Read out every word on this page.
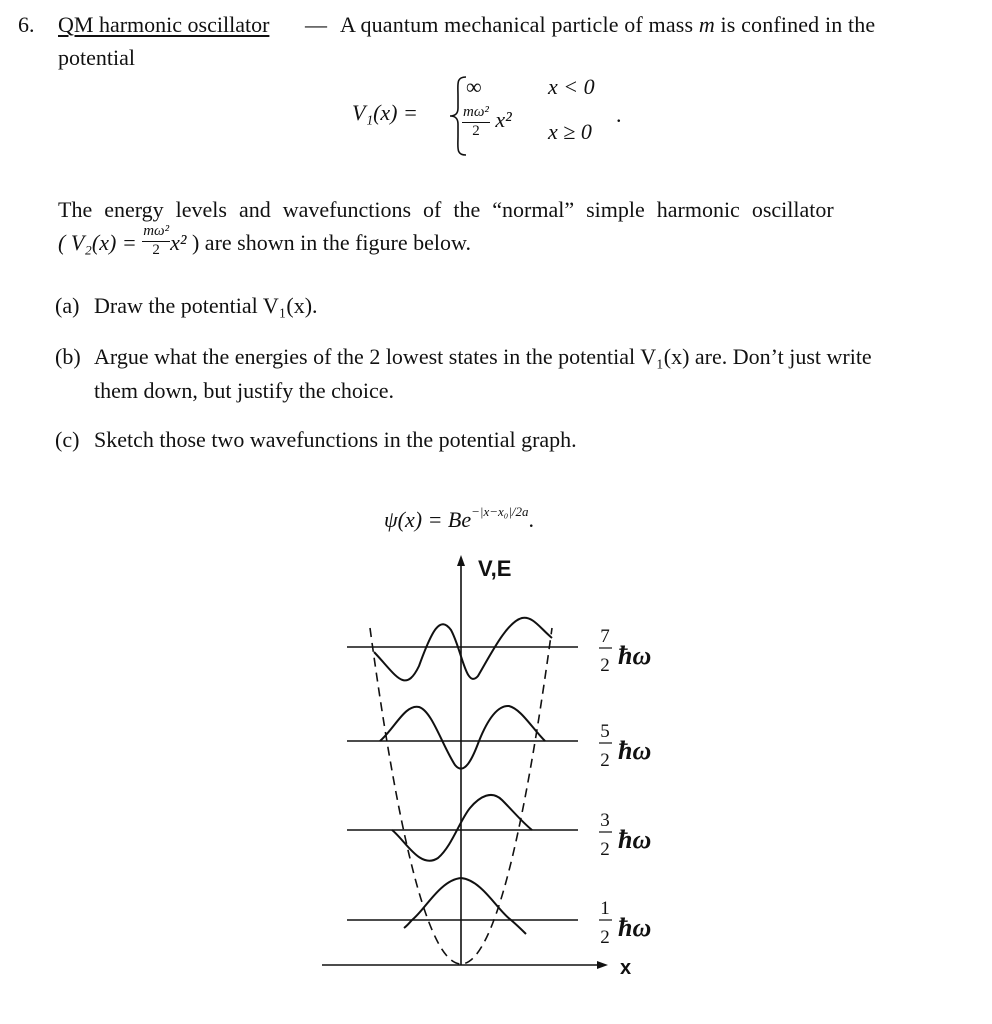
6. QM harmonic oscillator — A quantum mechanical particle of mass m is confined in the
potential
V₁(x) =
∞	x < 0
$\frac{\text{mω²}}{2} x^2$ x ≥ 0
.
The energy levels and wavefunctions of the “normal” simple harmonic oscillator
( $V_2(x) = \frac{\text{mω²}}{2} x^2$ ) are shown in the figure below.
(a) Draw the potential V₁(x).
(b) Argue what the energies of the 2 lowest states in the potential V₁(x) are. Don’t just write
them down, but justify the choice.
(c) Sketch those two wavefunctions in the potential graph.
$\psi(x) = Be^{-|x-x_0|/2a}$.
V,E
x
7
2 ħω
5
2 ħω
3
2 ħω
1
2 ħω
